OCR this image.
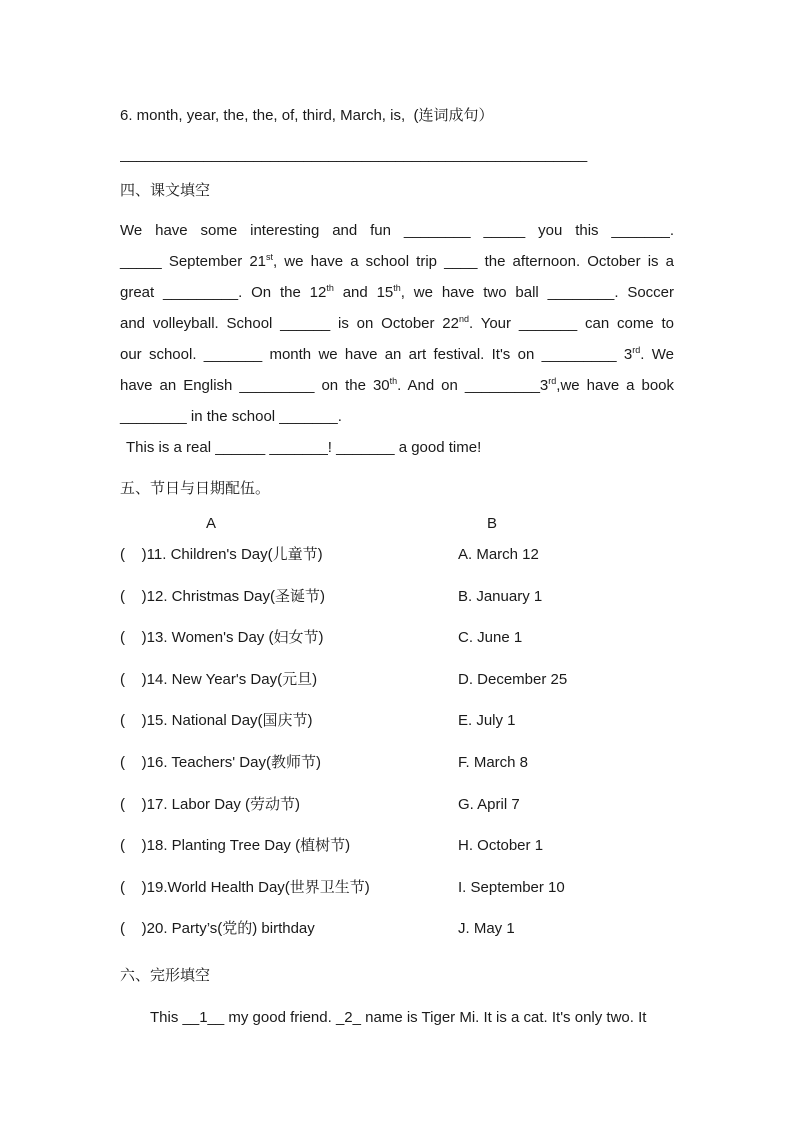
6. month, year, the, the, of, third, March, is,  (连词成句）
________________________________________________________
四、课文填空
We have some interesting and fun ________ _____ you this _______.
_____ September 21st, we have a school trip ____ the afternoon. October is a
great _________. On the 12th and 15th, we have two ball ________. Soccer
and volleyball. School ______ is on October 22nd. Your _______ can come to
our school. _______ month we have an art festival. It's on _________ 3rd. We
have an English _________ on the 30th. And on _________3rd,we have a book
________ in the school _______.
This is a real ______ _______! _______ a good time!
五、节日与日期配伍。
A	B
(    )11. Children's Day(儿童节)	A. March 12
(    )12. Christmas Day(圣诞节)	B. January 1
(    )13. Women's Day (妇女节)	C. June 1
(    )14. New Year's Day(元旦)	D. December 25
(    )15. National Day(国庆节)	E. July 1
(    )16. Teachers' Day(教师节)	F. March 8
(    )17. Labor Day (劳动节)	G. April 7
(    )18. Planting Tree Day (植树节)	H. October 1
(    )19.World Health Day(世界卫生节)	I. September 10
(    )20. Party’s(党的) birthday	J. May 1
六、完形填空
This __1__ my good friend. _2_ name is Tiger Mi. It is a cat. It's only two. It
